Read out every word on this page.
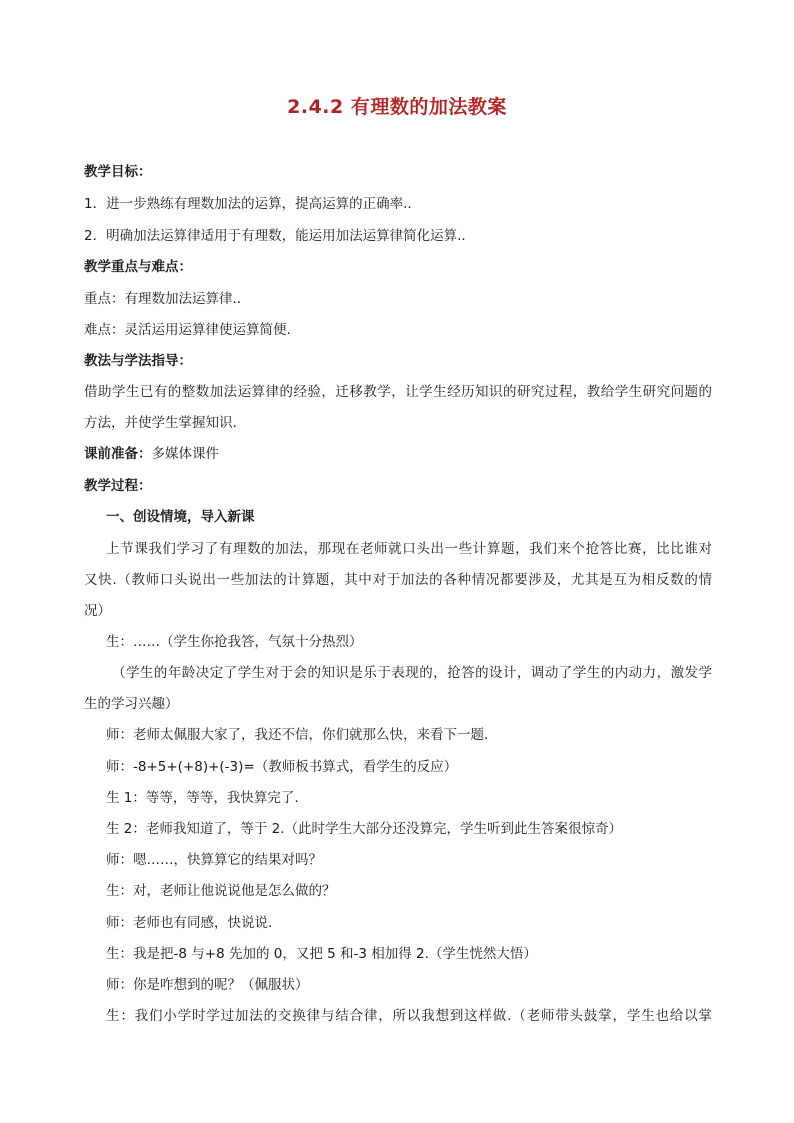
2.4.2 有理数的加法教案
教学目标：
1．进一步熟练有理数加法的运算，提高运算的正确率..
2．明确加法运算律适用于有理数，能运用加法运算律简化运算..
教学重点与难点：
重点：有理数加法运算律..
难点：灵活运用运算律使运算简便.
教法与学法指导：
借助学生已有的整数加法运算律的经验，迁移教学，让学生经历知识的研究过程，教给学生研究问题的
方法，并使学生掌握知识.
课前准备：多媒体课件
教学过程：
一、创设情境，导入新课
上节课我们学习了有理数的加法，那现在老师就口头出一些计算题，我们来个抢答比赛，比比谁对
又快.（教师口头说出一些加法的计算题，其中对于加法的各种情况都要涉及，尤其是互为相反数的情
况）
生：……（学生你抢我答，气氛十分热烈）
（学生的年龄决定了学生对于会的知识是乐于表现的，抢答的设计，调动了学生的内动力，激发学
生的学习兴趣）
师：老师太佩服大家了，我还不信，你们就那么快，来看下一题.
师：-8+5+(+8)+(-3)=（教师板书算式，看学生的反应）
生 1：等等，等等，我快算完了.
生 2：老师我知道了，等于 2.（此时学生大部分还没算完，学生听到此生答案很惊奇）
师：嗯……，快算算它的结果对吗？
生：对，老师让他说说他是怎么做的？
师：老师也有同感，快说说.
生：我是把-8 与+8 先加的 0，又把 5 和-3 相加得 2.（学生恍然大悟）
师：你是咋想到的呢？（佩服状）
生：我们小学时学过加法的交换律与结合律，所以我想到这样做.（老师带头鼓掌，学生也给以掌
